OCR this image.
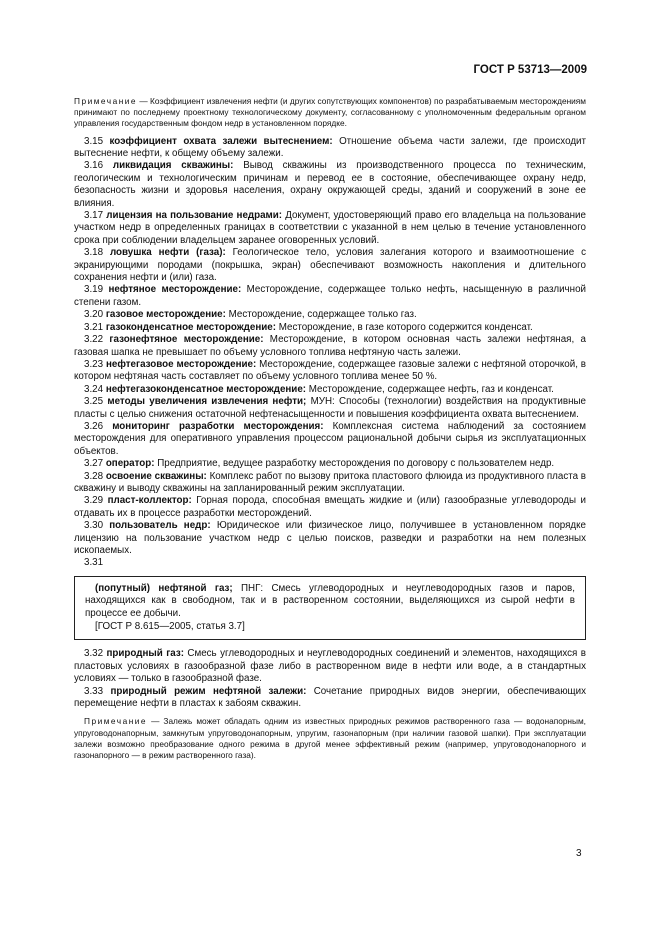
ГОСТ Р 53713—2009
Примечание — Коэффициент извлечения нефти (и других сопутствующих компонентов) по разрабатываемым месторождениям принимают по последнему проектному технологическому документу, согласованному с уполномоченным федеральным органом управления государственным фондом недр в установленном порядке.

3.15 коэффициент охвата залежи вытеснением: Отношение объема части залежи, где происходит вытеснение нефти, к общему объему залежи.

3.16 ликвидация скважины: Вывод скважины из производственного процесса по техническим, геологическим и технологическим причинам и перевод ее в состояние, обеспечивающее охрану недр, безопасность жизни и здоровья населения, охрану окружающей среды, зданий и сооружений в зоне ее влияния.

3.17 лицензия на пользование недрами: Документ, удостоверяющий право его владельца на пользование участком недр в определенных границах в соответствии с указанной в нем целью в течение установленного срока при соблюдении владельцем заранее оговоренных условий.

3.18 ловушка нефти (газа): Геологическое тело, условия залегания которого и взаимоотношение с экранирующими породами (покрышка, экран) обеспечивают возможность накопления и длительного сохранения нефти и (или) газа.

3.19 нефтяное месторождение: Месторождение, содержащее только нефть, насыщенную в различной степени газом.

3.20 газовое месторождение: Месторождение, содержащее только газ.

3.21 газоконденсатное месторождение: Месторождение, в газе которого содержится конденсат.

3.22 газонефтяное месторождение: Месторождение, в котором основная часть залежи нефтяная, а газовая шапка не превышает по объему условного топлива нефтяную часть залежи.

3.23 нефтегазовое месторождение: Месторождение, содержащее газовые залежи с нефтяной оторочкой, в котором нефтяная часть составляет по объему условного топлива менее 50 %.

3.24 нефтегазоконденсатное месторождение: Месторождение, содержащее нефть, газ и конденсат.

3.25 методы увеличения извлечения нефти; МУН: Способы (технологии) воздействия на продуктивные пласты с целью снижения остаточной нефтенасыщенности и повышения коэффициента охвата вытеснением.

3.26 мониторинг разработки месторождения: Комплексная система наблюдений за состоянием месторождения для оперативного управления процессом рациональной добычи сырья из эксплуатационных объектов.

3.27 оператор: Предприятие, ведущее разработку месторождения по договору с пользователем недр.

3.28 освоение скважины: Комплекс работ по вызову притока пластового флюида из продуктивного пласта в скважину и выводу скважины на запланированный режим эксплуатации.

3.29 пласт-коллектор: Горная порода, способная вмещать жидкие и (или) газообразные углеводороды и отдавать их в процессе разработки месторождений.

3.30 пользователь недр: Юридическое или физическое лицо, получившее в установленном порядке лицензию на пользование участком недр с целью поисков, разведки и разработки на нем полезных ископаемых.

3.31

(попутный) нефтяной газ; ПНГ: Смесь углеводородных и неуглеводородных газов и паров, находящихся как в свободном, так и в растворенном состоянии, выделяющихся из сырой нефти в процессе ее добычи.

[ГОСТ Р 8.615—2005, статья 3.7]

3.32 природный газ: Смесь углеводородных и неуглеводородных соединений и элементов, находящихся в пластовых условиях в газообразной фазе либо в растворенном виде в нефти или воде, а в стандартных условиях — только в газообразной фазе.

3.33 природный режим нефтяной залежи: Сочетание природных видов энергии, обеспечивающих перемещение нефти в пластах к забоям скважин.

Примечание — Залежь может обладать одним из известных природных режимов растворенного газа — водонапорным, упруговодонапорным, замкнутым упруговодонапорным, упругим, газонапорным (при наличии газовой шапки). При эксплуатации залежи возможно преобразование одного режима в другой менее эффективный режим (например, упруговодонапорного и газонапорного — в режим растворенного газа).
3
